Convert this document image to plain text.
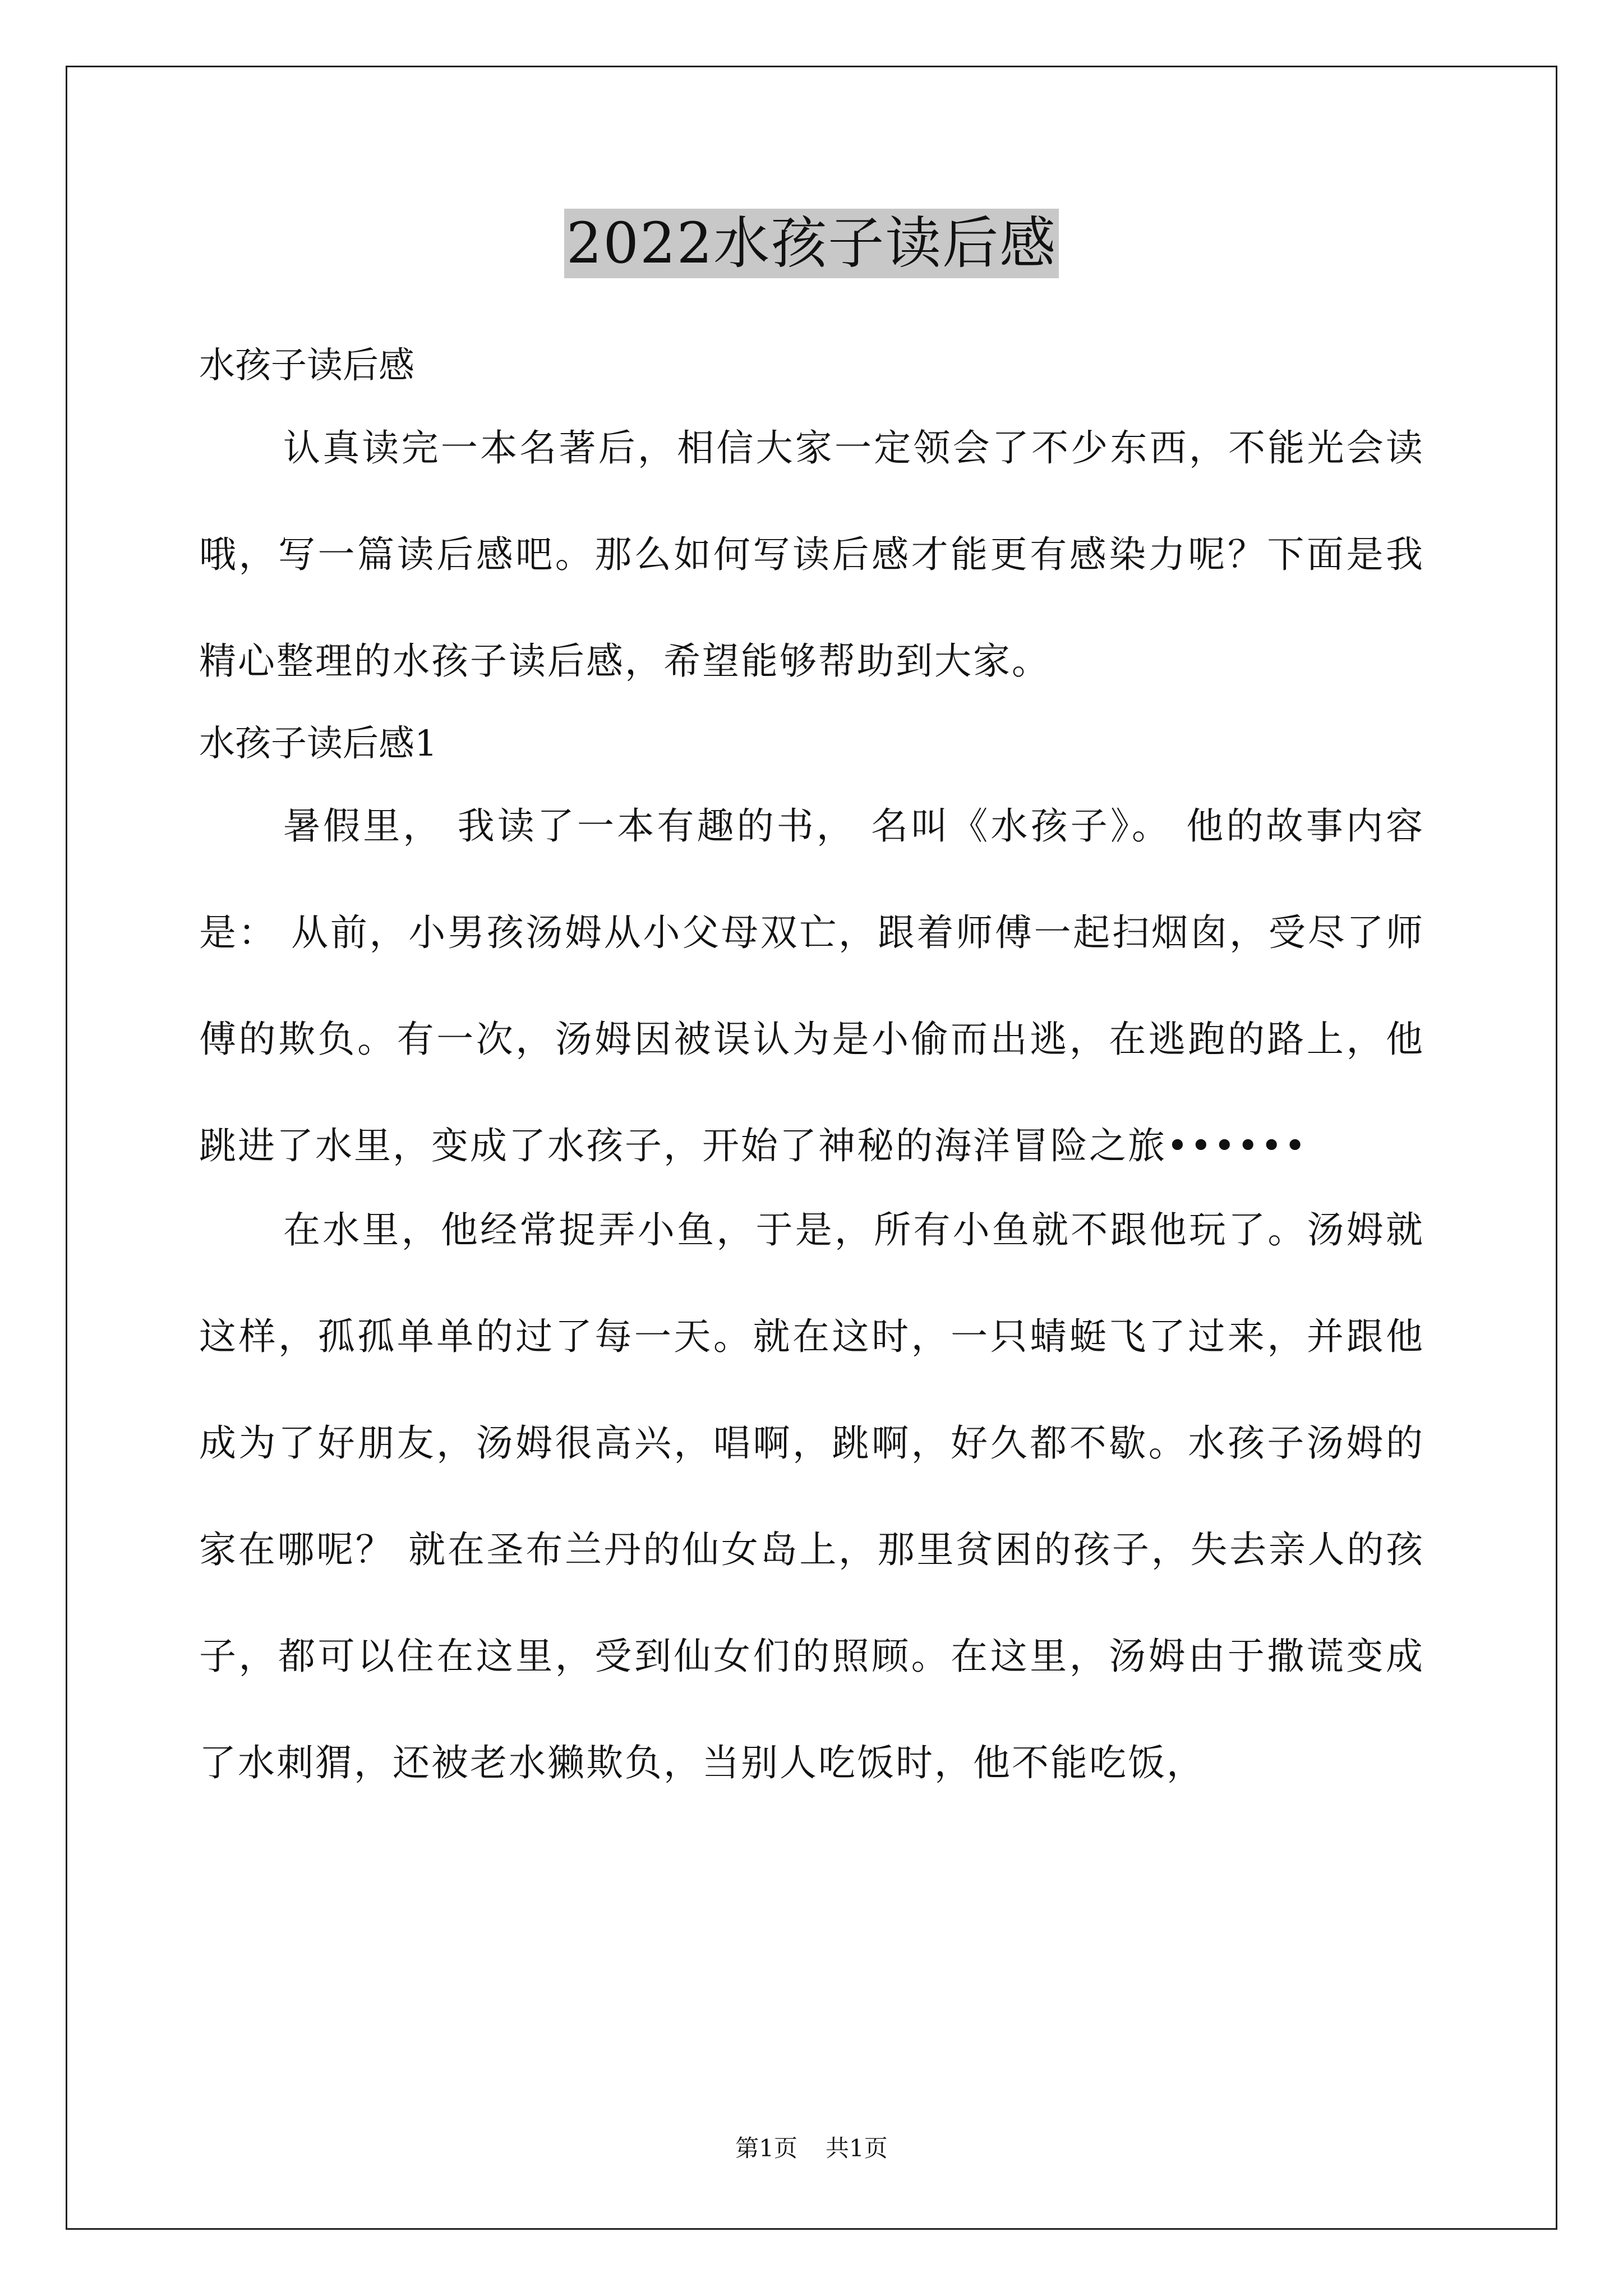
2022水孩子读后感

水孩子读后感

认真读完一本名著后，相信大家一定领会了不少东西，不能光会读哦，写一篇读后感吧。那么如何写读后感才能更有感染力呢？下面是我精心整理的水孩子读后感，希望能够帮助到大家。

水孩子读后感1

暑假里， 我读了一本有趣的书， 名叫《水孩子》。 他的故事内容是： 从前，小男孩汤姆从小父母双亡，跟着师傅一起扫烟囱，受尽了师傅的欺负。有一次，汤姆因被误认为是小偷而出逃，在逃跑的路上，他跳进了水里，变成了水孩子，开始了神秘的海洋冒险之旅••••••

在水里，他经常捉弄小鱼，于是，所有小鱼就不跟他玩了。汤姆就这样，孤孤单单的过了每一天。就在这时，一只蜻蜓飞了过来，并跟他成为了好朋友，汤姆很高兴，唱啊，跳啊，好久都不歇。水孩子汤姆的家在哪呢？ 就在圣布兰丹的仙女岛上，那里贫困的孩子，失去亲人的孩子，都可以住在这里，受到仙女们的照顾。在这里，汤姆由于撒谎变成了水刺猬，还被老水獭欺负，当别人吃饭时，他不能吃饭，

第1页 共1页
